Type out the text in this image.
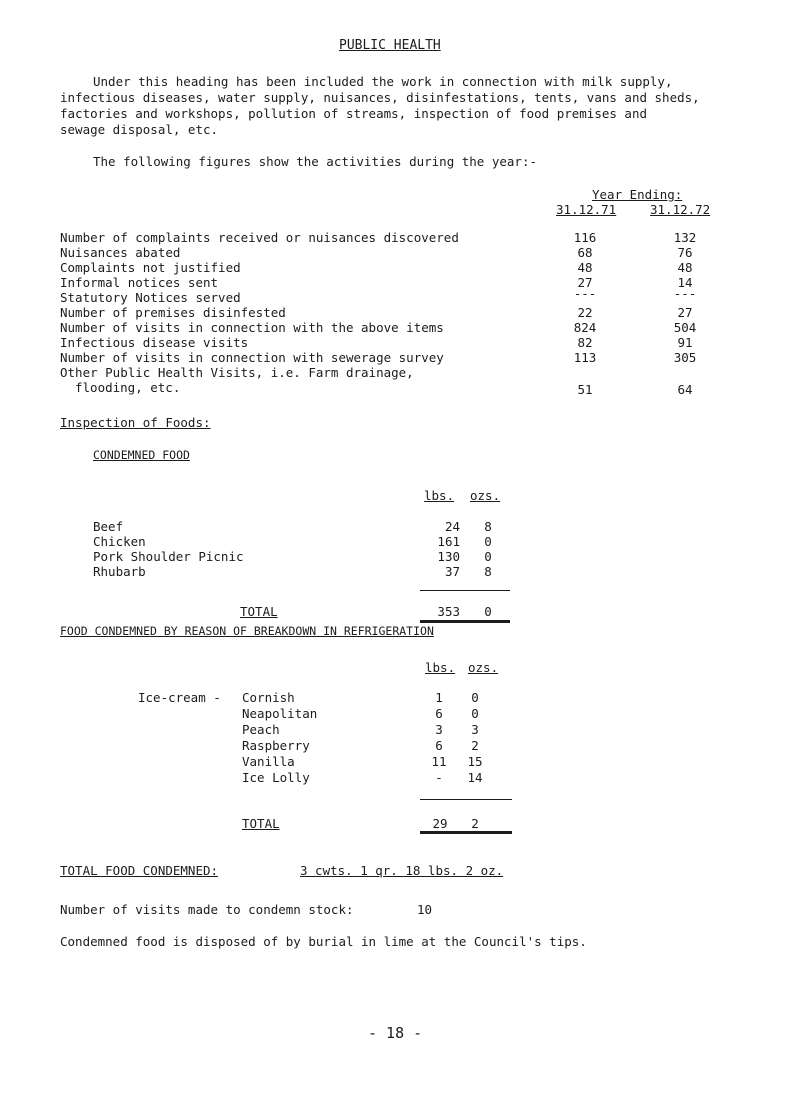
PUBLIC HEALTH
Under this heading has been included the work in connection with milk supply,
infectious diseases, water supply, nuisances, disinfestations, tents, vans and sheds,
factories and workshops, pollution of streams, inspection of food premises and
sewage disposal, etc.
The following figures show the activities during the year:-
Year Ending:
31.12.71	31.12.72
Number of complaints received or nuisances discovered	116	132
Nuisances abated	68	76
Complaints not justified	48	48
Informal notices sent	27	14
Statutory Notices served	---	---
Number of premises disinfested	22	27
Number of visits in connection with the above items	824	504
Infectious disease visits	82	91
Number of visits in connection with sewerage survey	113	305
Other Public Health Visits, i.e. Farm drainage,
flooding, etc.	51	64
Inspection of Foods:
CONDEMNED FOOD
lbs. ozs.
Beef	24	8
Chicken	161	0
Pork Shoulder Picnic	130	0
Rhubarb	37	8
TOTAL	353	0
FOOD CONDEMNED BY REASON OF BREAKDOWN IN REFRIGERATION
lbs. ozs.
Ice-cream - Cornish	1	0
Neapolitan	6	0
Peach	3	3
Raspberry	6	2
Vanilla	11	15
Ice Lolly	-	14
TOTAL	29	2
TOTAL FOOD CONDEMNED:	3 cwts. 1 qr. 18 lbs. 2 oz.
Number of visits made to condemn stock:	10
Condemned food is disposed of by burial in lime at the Council's tips.
- 18 -
